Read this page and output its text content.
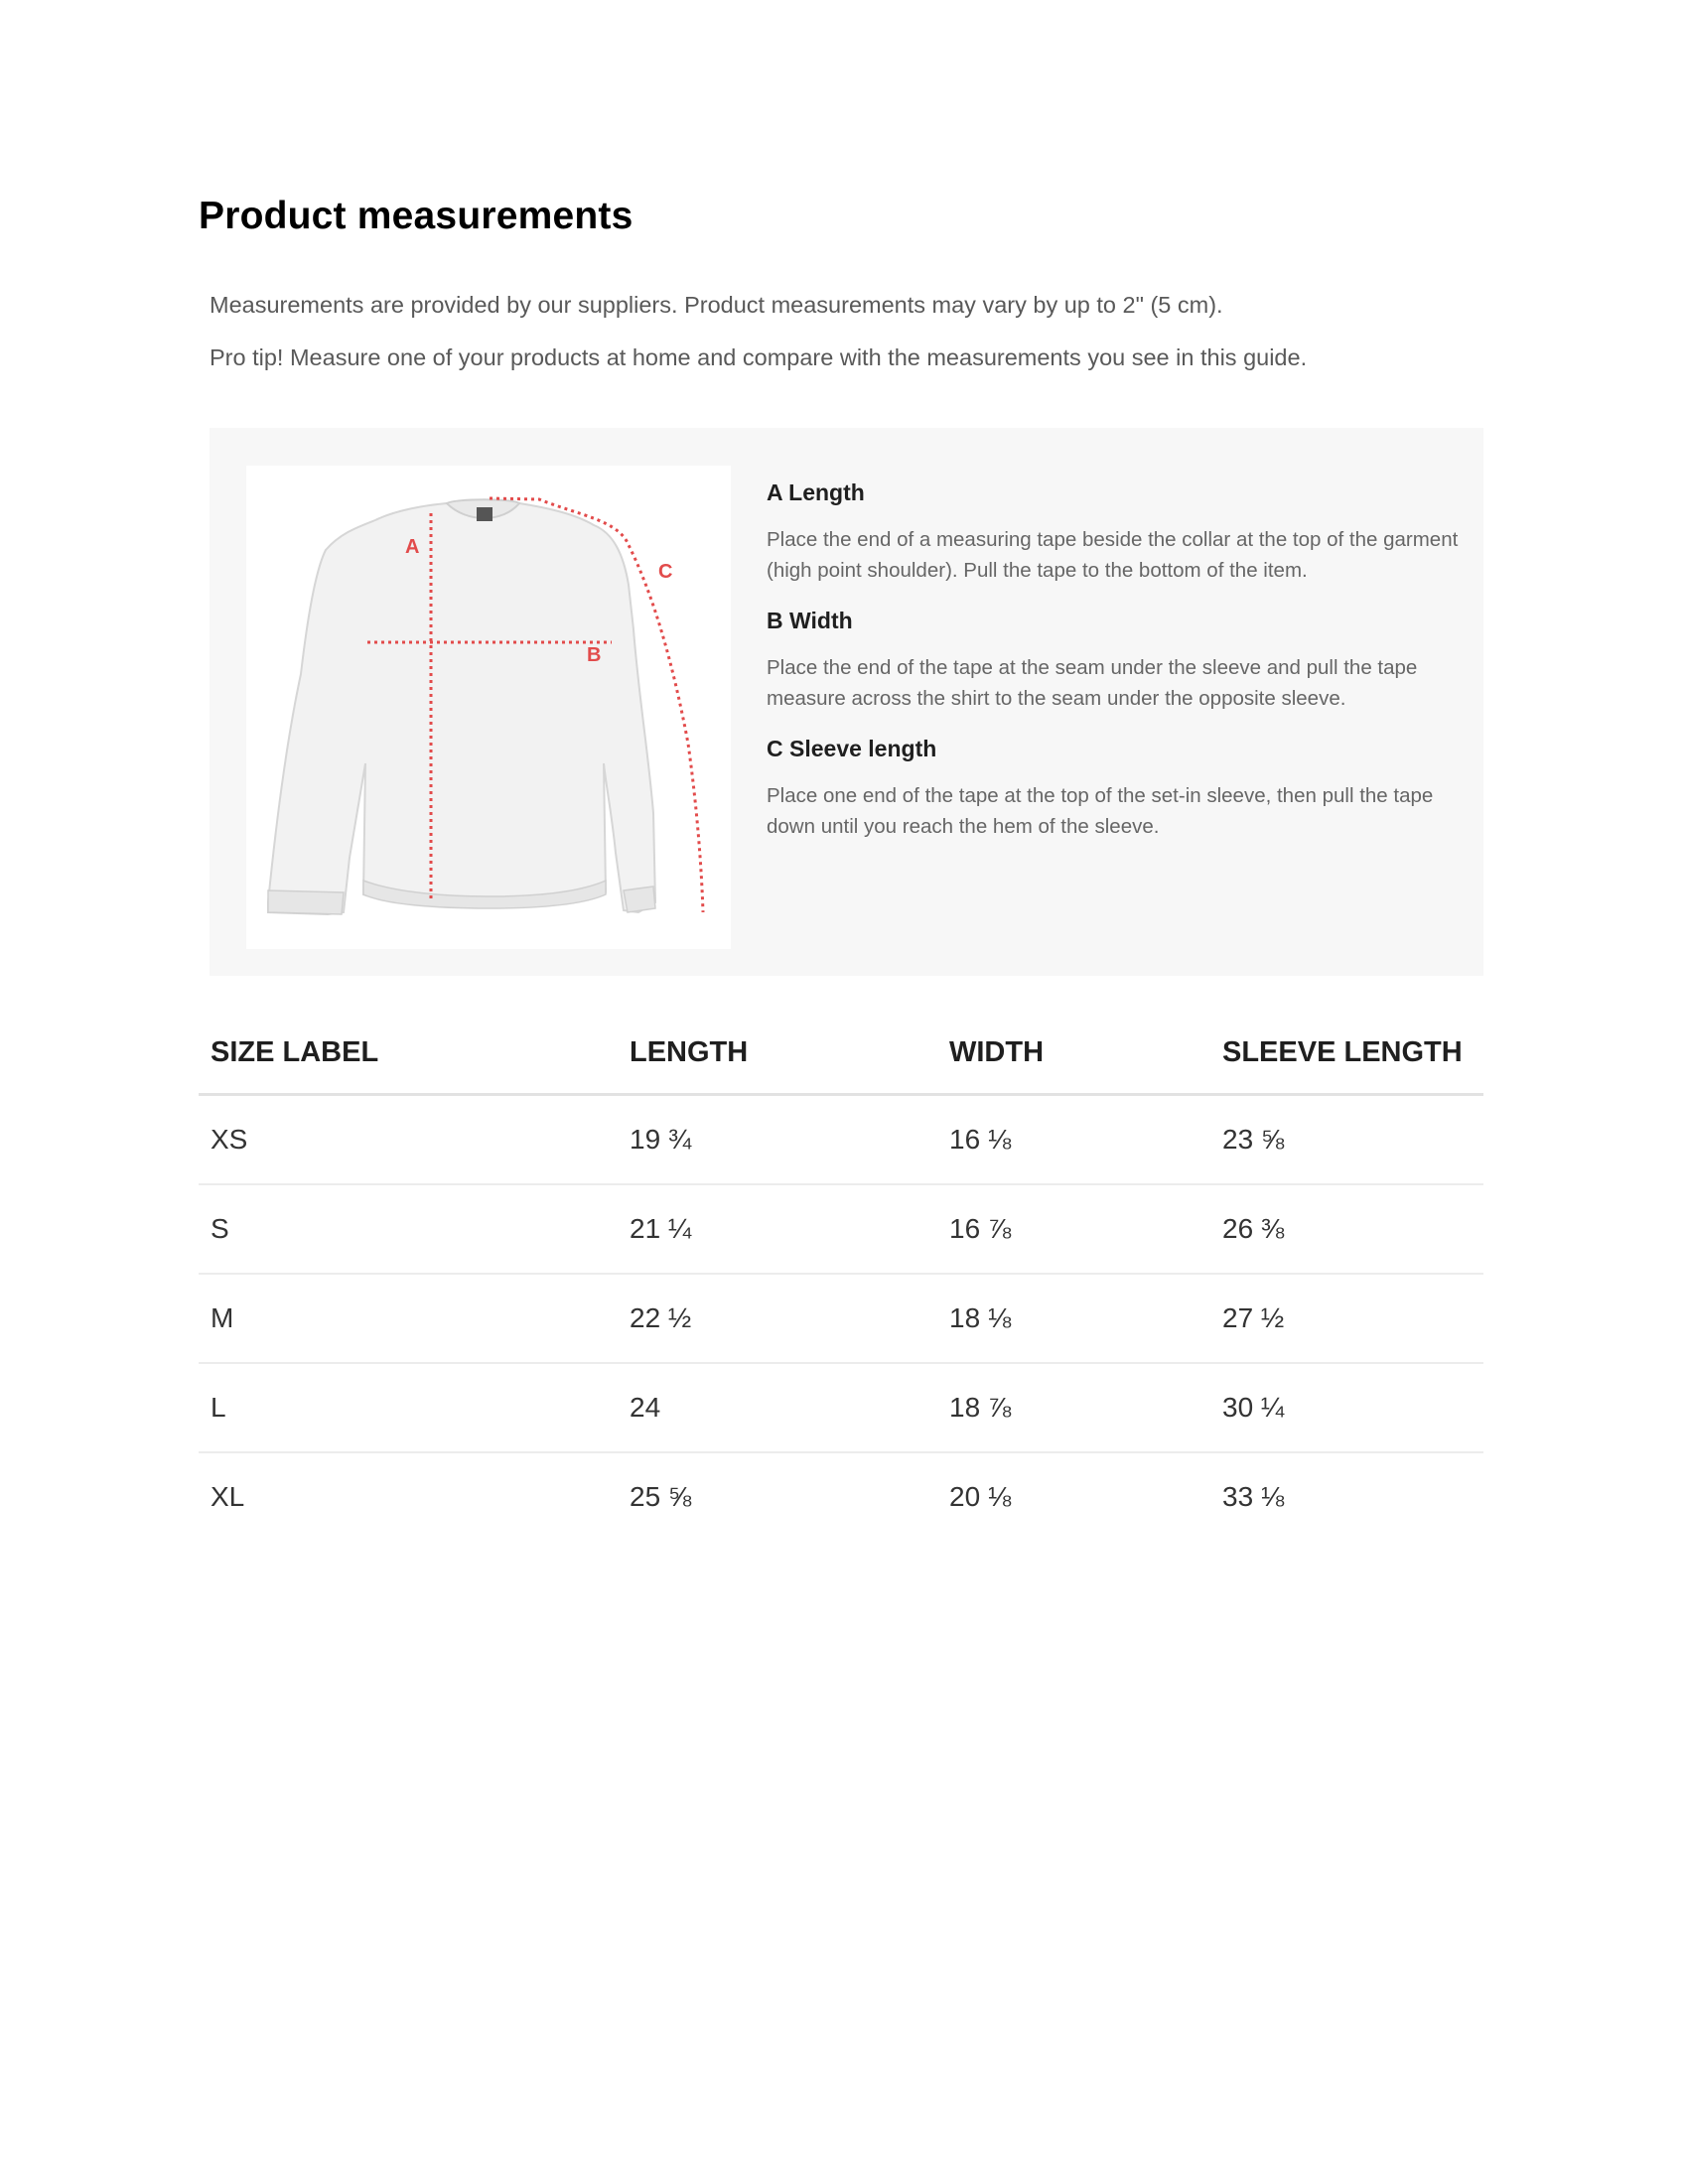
Product measurements

Measurements are provided by our suppliers. Product measurements may vary by up to 2" (5 cm).

Pro tip! Measure one of your products at home and compare with the measurements you see in this guide.

A
B
C

A Length

Place the end of a measuring tape beside the collar at the top of the garment (high point shoulder). Pull the tape to the bottom of the item.

B Width

Place the end of the tape at the seam under the sleeve and pull the tape measure across the shirt to the seam under the opposite sleeve.

C Sleeve length

Place one end of the tape at the top of the set-in sleeve, then pull the tape down until you reach the hem of the sleeve.

SIZE LABEL	LENGTH	WIDTH	SLEEVE LENGTH
XS	19 ¾	16 ⅛	23 ⅝
S	21 ¼	16 ⅞	26 ⅜
M	22 ½	18 ⅛	27 ½
L	24	18 ⅞	30 ¼
XL	25 ⅝	20 ⅛	33 ⅛
